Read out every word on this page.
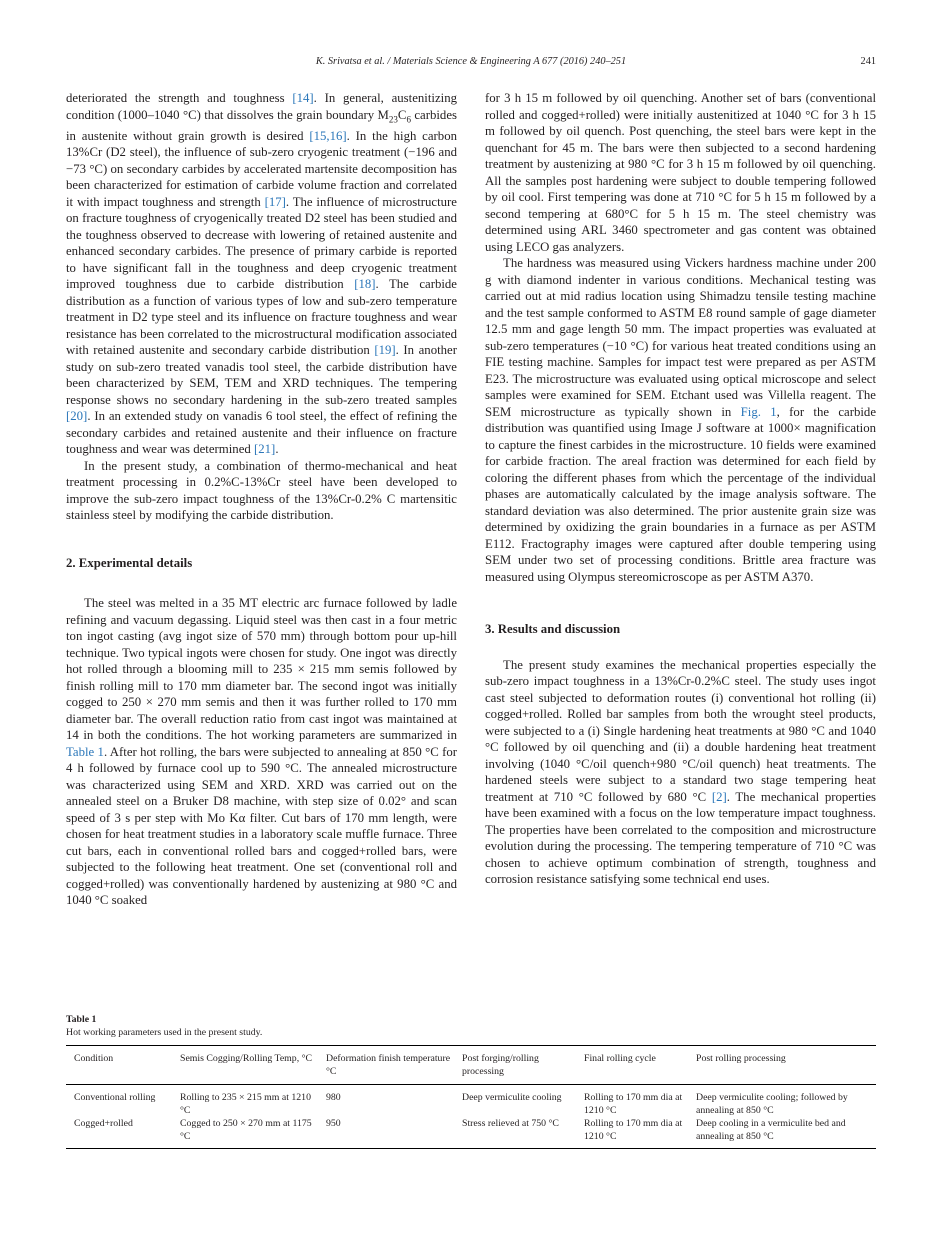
K. Srivatsa et al. / Materials Science & Engineering A 677 (2016) 240–251	241

deteriorated the strength and toughness [14]. In general, austenitizing condition (1000–1040 °C) that dissolves the grain boundary $M_{23}C_6$ carbides in austenite without grain growth is desired [15,16]. In the high carbon 13%Cr (D2 steel), the influence of sub-zero cryogenic treatment (−196 and −73 °C) on secondary carbides by accelerated martensite decomposition has been characterized for estimation of carbide volume fraction and correlated it with impact toughness and strength [17]. The influence of microstructure on fracture toughness of cryogenically treated D2 steel has been studied and the toughness observed to decrease with lowering of retained austenite and enhanced secondary carbides. The presence of primary carbide is reported to have significant fall in the toughness and deep cryogenic treatment improved toughness due to carbide distribution [18]. The carbide distribution as a function of various types of low and sub-zero temperature treatment in D2 type steel and its influence on fracture toughness and wear resistance has been correlated to the microstructural modification associated with retained austenite and secondary carbide distribution [19]. In another study on sub-zero treated vanadis tool steel, the carbide distribution have been characterized by SEM, TEM and XRD techniques. The tempering response shows no secondary hardening in the sub-zero treated samples [20]. In an extended study on vanadis 6 tool steel, the effect of refining the secondary carbides and retained austenite and their influence on fracture toughness and wear was determined [21].

In the present study, a combination of thermo-mechanical and heat treatment processing in 0.2%C-13%Cr steel have been developed to improve the sub-zero impact toughness of the 13%Cr-0.2% C martensitic stainless steel by modifying the carbide distribution.

2. Experimental details

The steel was melted in a 35 MT electric arc furnace followed by ladle refining and vacuum degassing. Liquid steel was then cast in a four metric ton ingot casting (avg ingot size of 570 mm) through bottom pour up-hill technique. Two typical ingots were chosen for study. One ingot was directly hot rolled through a blooming mill to 235 × 215 mm semis followed by finish rolling mill to 170 mm diameter bar. The second ingot was initially cogged to 250 × 270 mm semis and then it was further rolled to 170 mm diameter bar. The overall reduction ratio from cast ingot was maintained at 14 in both the conditions. The hot working parameters are summarized in Table 1. After hot rolling, the bars were subjected to annealing at 850 °C for 4 h followed by furnace cool up to 590 °C. The annealed microstructure was characterized using SEM and XRD. XRD was carried out on the annealed steel on a Bruker D8 machine, with step size of 0.02° and scan speed of 3 s per step with Mo Kα filter. Cut bars of 170 mm length, were chosen for heat treatment studies in a laboratory scale muffle furnace. Three cut bars, each in conventional rolled bars and cogged+rolled bars, were subjected to the following heat treatment. One set (conventional roll and cogged+rolled) was conventionally hardened by austenizing at 980 °C and 1040 °C soaked

for 3 h 15 m followed by oil quenching. Another set of bars (conventional rolled and cogged+rolled) were initially austenitized at 1040 °C for 3 h 15 m followed by oil quench. Post quenching, the steel bars were kept in the quenchant for 45 m. The bars were then subjected to a second hardening treatment by austenizing at 980 °C for 3 h 15 m followed by oil quenching. All the samples post hardening were subject to double tempering followed by oil cool. First tempering was done at 710 °C for 5 h 15 m followed by a second tempering at 680°C for 5 h 15 m. The steel chemistry was determined using ARL 3460 spectrometer and gas content was obtained using LECO gas analyzers.

The hardness was measured using Vickers hardness machine under 200 g with diamond indenter in various conditions. Mechanical testing was carried out at mid radius location using Shimadzu tensile testing machine and the test sample conformed to ASTM E8 round sample of gage diameter 12.5 mm and gage length 50 mm. The impact properties was evaluated at sub-zero temperatures (−10 °C) for various heat treated conditions using an FIE testing machine. Samples for impact test were prepared as per ASTM E23. The microstructure was evaluated using optical microscope and select samples were examined for SEM. Etchant used was Villella reagent. The SEM microstructure as typically shown in Fig. 1, for the carbide distribution was quantified using Image J software at 1000× magnification to capture the finest carbides in the microstructure. 10 fields were examined for carbide fraction. The areal fraction was determined for each field by coloring the different phases from which the percentage of the individual phases are automatically calculated by the image analysis software. The standard deviation was also determined. The prior austenite grain size was determined by oxidizing the grain boundaries in a furnace as per ASTM E112. Fractography images were captured after double tempering using SEM under two set of processing conditions. Brittle area fracture was measured using Olympus stereomicroscope as per ASTM A370.

3. Results and discussion

The present study examines the mechanical properties especially the sub-zero impact toughness in a 13%Cr-0.2%C steel. The study uses ingot cast steel subjected to deformation routes (i) conventional hot rolling (ii) cogged+rolled. Rolled bar samples from both the wrought steel products, were subjected to a (i) Single hardening heat treatments at 980 °C and 1040 °C followed by oil quenching and (ii) a double hardening heat treatment involving (1040 °C/oil quench+980 °C/oil quench) heat treatments. The hardened steels were subject to a standard two stage tempering heat treatment at 710 °C followed by 680 °C [2]. The mechanical properties have been examined with a focus on the low temperature impact toughness. The properties have been correlated to the composition and microstructure evolution during the processing. The tempering temperature of 710 °C was chosen to achieve optimum combination of strength, toughness and corrosion resistance satisfying some technical end uses.

Table 1
Hot working parameters used in the present study.
Condition	Semis Cogging/Rolling Temp, °C	Deformation finish temperature °C	Post forging/rolling processing	Final rolling cycle	Post rolling processing
Conventional rolling	Rolling to 235 × 215 mm at 1210 °C	980	Deep vermiculite cooling	Rolling to 170 mm dia at 1210 °C	Deep vermiculite cooling; followed by annealing at 850 °C
Cogged+rolled	Cogged to 250 × 270 mm at 1175 °C	950	Stress relieved at 750 °C	Rolling to 170 mm dia at 1210 °C	Deep cooling in a vermiculite bed and annealing at 850 °C
